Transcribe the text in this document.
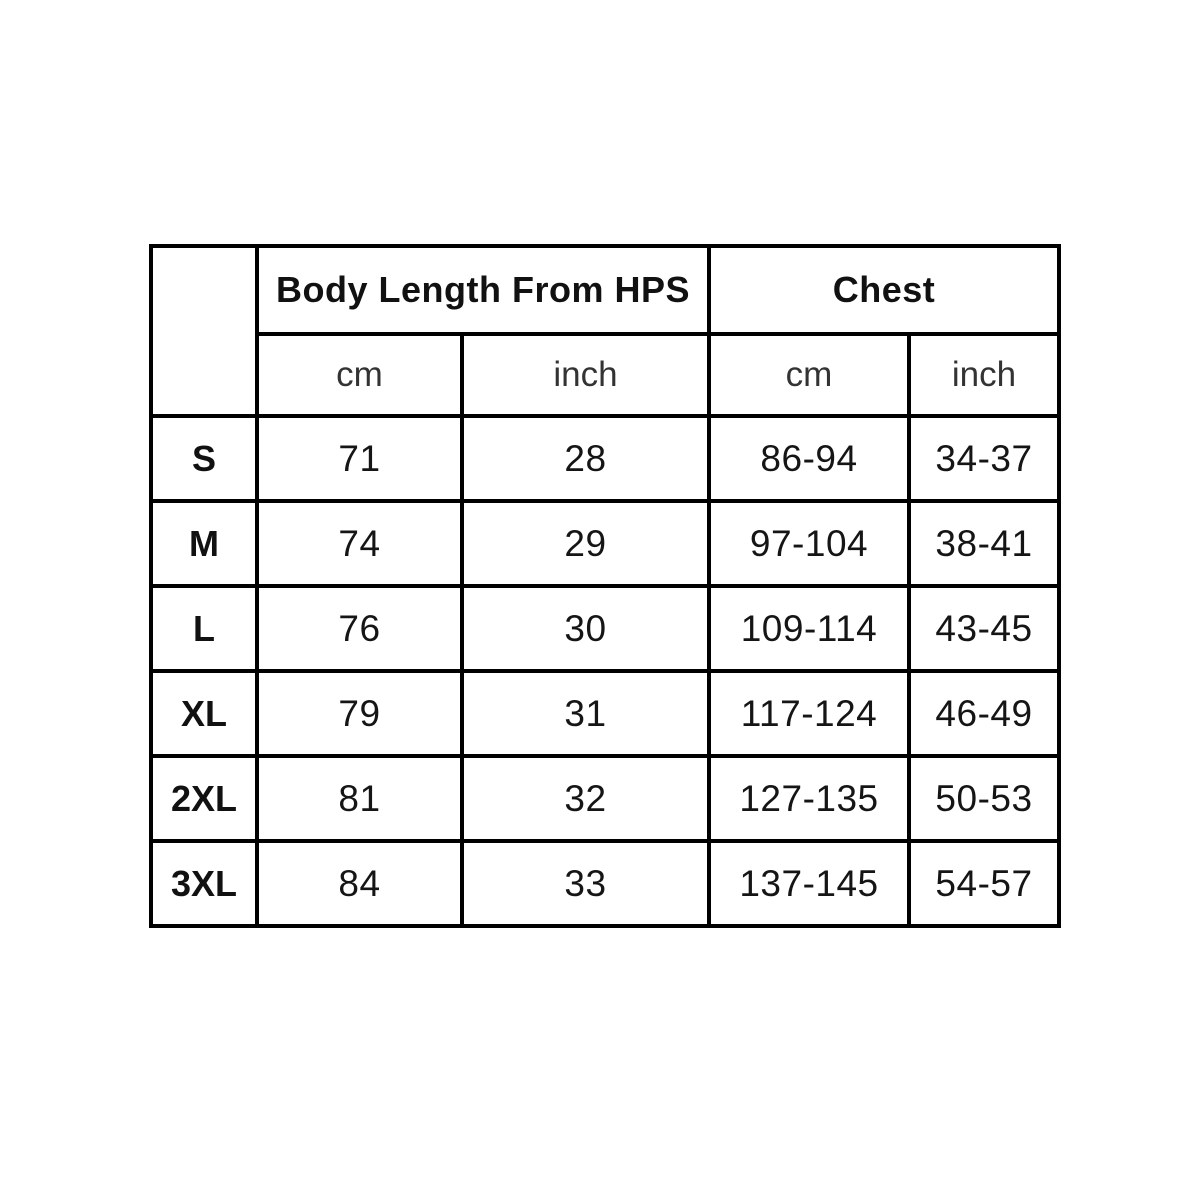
	Body Length From HPS		Chest	
	cm	inch	cm	inch
S	71	28	86-94	34-37
M	74	29	97-104	38-41
L	76	30	109-114	43-45
XL	79	31	117-124	46-49
2XL	81	32	127-135	50-53
3XL	84	33	137-145	54-57
